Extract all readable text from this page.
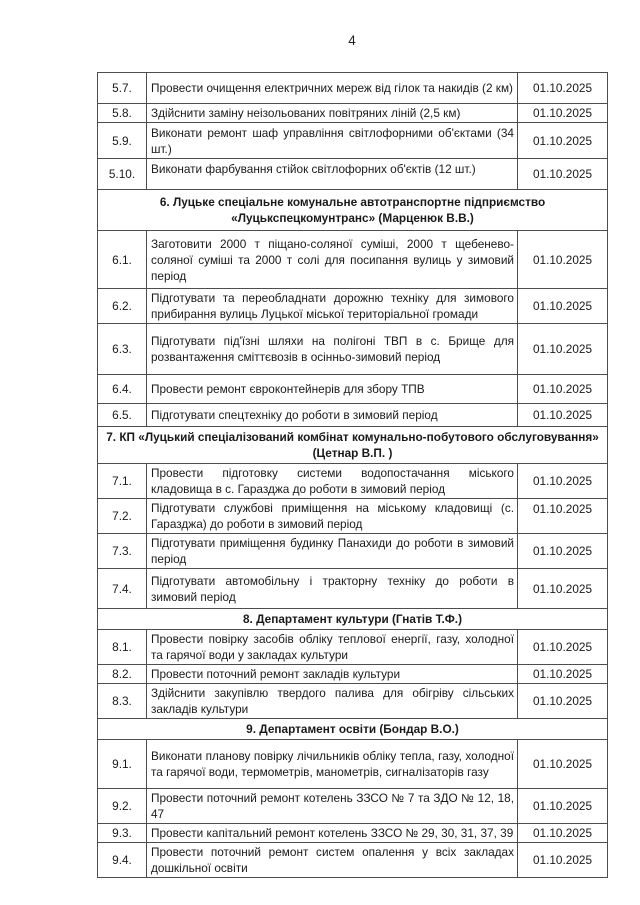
4
5.7.	Провести очищення електричних мереж від гілок та накидів (2 км)	01.10.2025
5.8.	Здійснити заміну неізольованих повітряних ліній (2,5 км)	01.10.2025
5.9.	Виконати ремонт шаф управління світлофорними об'єктами (34 шт.)	01.10.2025
5.10.	Виконати фарбування стійок світлофорних об'єктів (12 шт.)	01.10.2025

6. Луцьке спеціальне комунальне автотранспортне підприємство
«Луцькспецкомунтранс» (Марценюк В.В.)		

6.1.	Заготовити 2000 т піщано-соляної суміші, 2000 т щебенево-соляної суміші та 2000 т солі для посипання вулиць у зимовий період	01.10.2025
6.2.	Підготувати та переобладнати дорожню техніку для зимового прибирання вулиць Луцької міської територіальної громади	01.10.2025
6.3.	Підготувати під'їзні шляхи на полігоні ТВП в с. Брище для розвантаження сміттєвозів в осінньо-зимовий період	01.10.2025
6.4.	Провести ремонт євроконтейнерів для збору ТПВ	01.10.2025
6.5.	Підготувати спецтехніку до роботи в зимовий період	01.10.2025

7. КП «Луцький спеціалізований комбінат комунально-побутового обслуговування»
(Цетнар В.П. )		

7.1.	Провести підготовку системи водопостачання міського кладовища в с. Гаразджа до роботи в зимовий період	01.10.2025
7.2.	Підготувати службові приміщення на міському кладовищі (с. Гаразджа) до роботи в зимовий період	01.10.2025
7.3.	Підготувати приміщення будинку Панахиди до роботи в зимовий період	01.10.2025
7.4.	Підготувати автомобільну і тракторну техніку до роботи в зимовий період	01.10.2025

8. Департамент культури (Гнатів Т.Ф.)		

8.1.	Провести повірку засобів обліку теплової енергії, газу, холодної та гарячої води у закладах культури	01.10.2025
8.2.	Провести поточний ремонт закладів культури	01.10.2025
8.3.	Здійснити закупівлю твердого палива для обігріву сільських закладів культури	01.10.2025

9. Департамент освіти (Бондар В.О.)		

9.1.	Виконати планову повірку лічильників обліку тепла, газу, холодної та гарячої води, термометрів, манометрів, сигналізаторів газу	01.10.2025
9.2.	Провести поточний ремонт котелень ЗЗСО № 7 та ЗДО № 12, 18, 47	01.10.2025
9.3.	Провести капітальний ремонт котелень ЗЗСО № 29, 30, 31, 37, 39	01.10.2025
9.4.	Провести поточний ремонт систем опалення у всіх закладах дошкільної освіти	01.10.2025
